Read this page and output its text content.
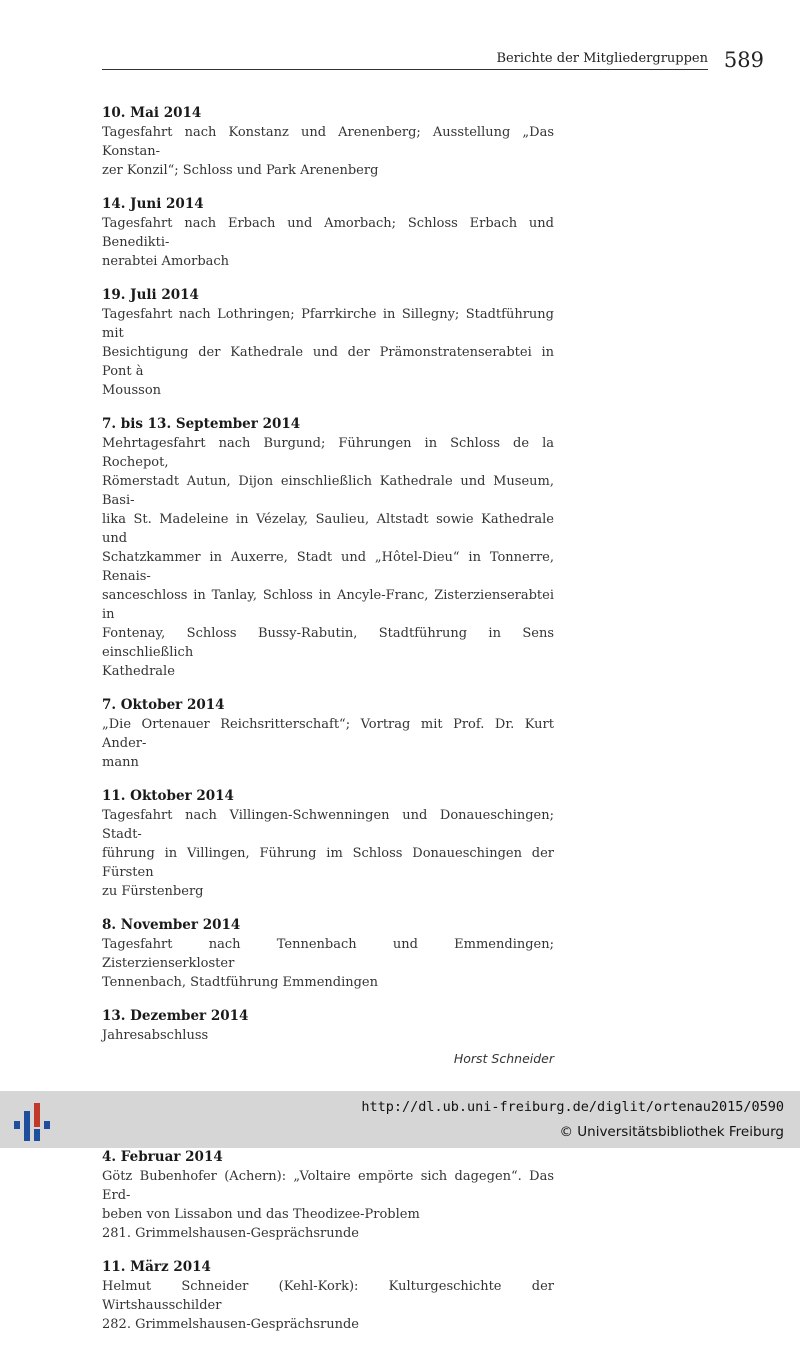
Berichte der Mitgliedergruppen 589
10. Mai 2014
Tagesfahrt nach Konstanz und Arenenberg; Ausstellung „Das Konstan-
zer Konzil“; Schloss und Park Arenenberg
14. Juni 2014
Tagesfahrt nach Erbach und Amorbach; Schloss Erbach und Benedikti-
nerabtei Amorbach
19. Juli 2014
Tagesfahrt nach Lothringen; Pfarrkirche in Sillegny; Stadtführung mit
Besichtigung der Kathedrale und der Prämonstratenserabtei in Pont à
Mousson
7. bis 13. September 2014
Mehrtagesfahrt nach Burgund; Führungen in Schloss de la Rochepot,
Römerstadt Autun, Dijon einschließlich Kathedrale und Museum, Basi-
lika St. Madeleine in Vézelay, Saulieu, Altstadt sowie Kathedrale und
Schatzkammer in Auxerre, Stadt und „Hôtel-Dieu“ in Tonnerre, Renais-
sanceschloss in Tanlay, Schloss in Ancyle-Franc, Zisterzienserabtei in
Fontenay, Schloss Bussy-Rabutin, Stadtführung in Sens einschließlich
Kathedrale
7. Oktober 2014
„Die Ortenauer Reichsritterschaft“; Vortrag mit Prof. Dr. Kurt Ander-
mann
11. Oktober 2014
Tagesfahrt nach Villingen-Schwenningen und Donaueschingen; Stadt-
führung in Villingen, Führung im Schloss Donaueschingen der Fürsten
zu Fürstenberg
8. November 2014
Tagesfahrt nach Tennenbach und Emmendingen; Zisterzienserkloster
Tennenbach, Stadtführung Emmendingen
13. Dezember 2014
Jahresabschluss
Horst Schneider
4. Februar 2014
Götz Bubenhofer (Achern): „Voltaire empörte sich dagegen“. Das Erd-
beben von Lissabon und das Theodizee-Problem
281. Grimmelshausen-Gesprächsrunde
11. März 2014
Helmut Schneider (Kehl-Kork): Kulturgeschichte der Wirtshausschilder
282. Grimmelshausen-Gesprächsrunde
http://dl.ub.uni-freiburg.de/diglit/ortenau2015/0590
© Universitätsbibliothek Freiburg
